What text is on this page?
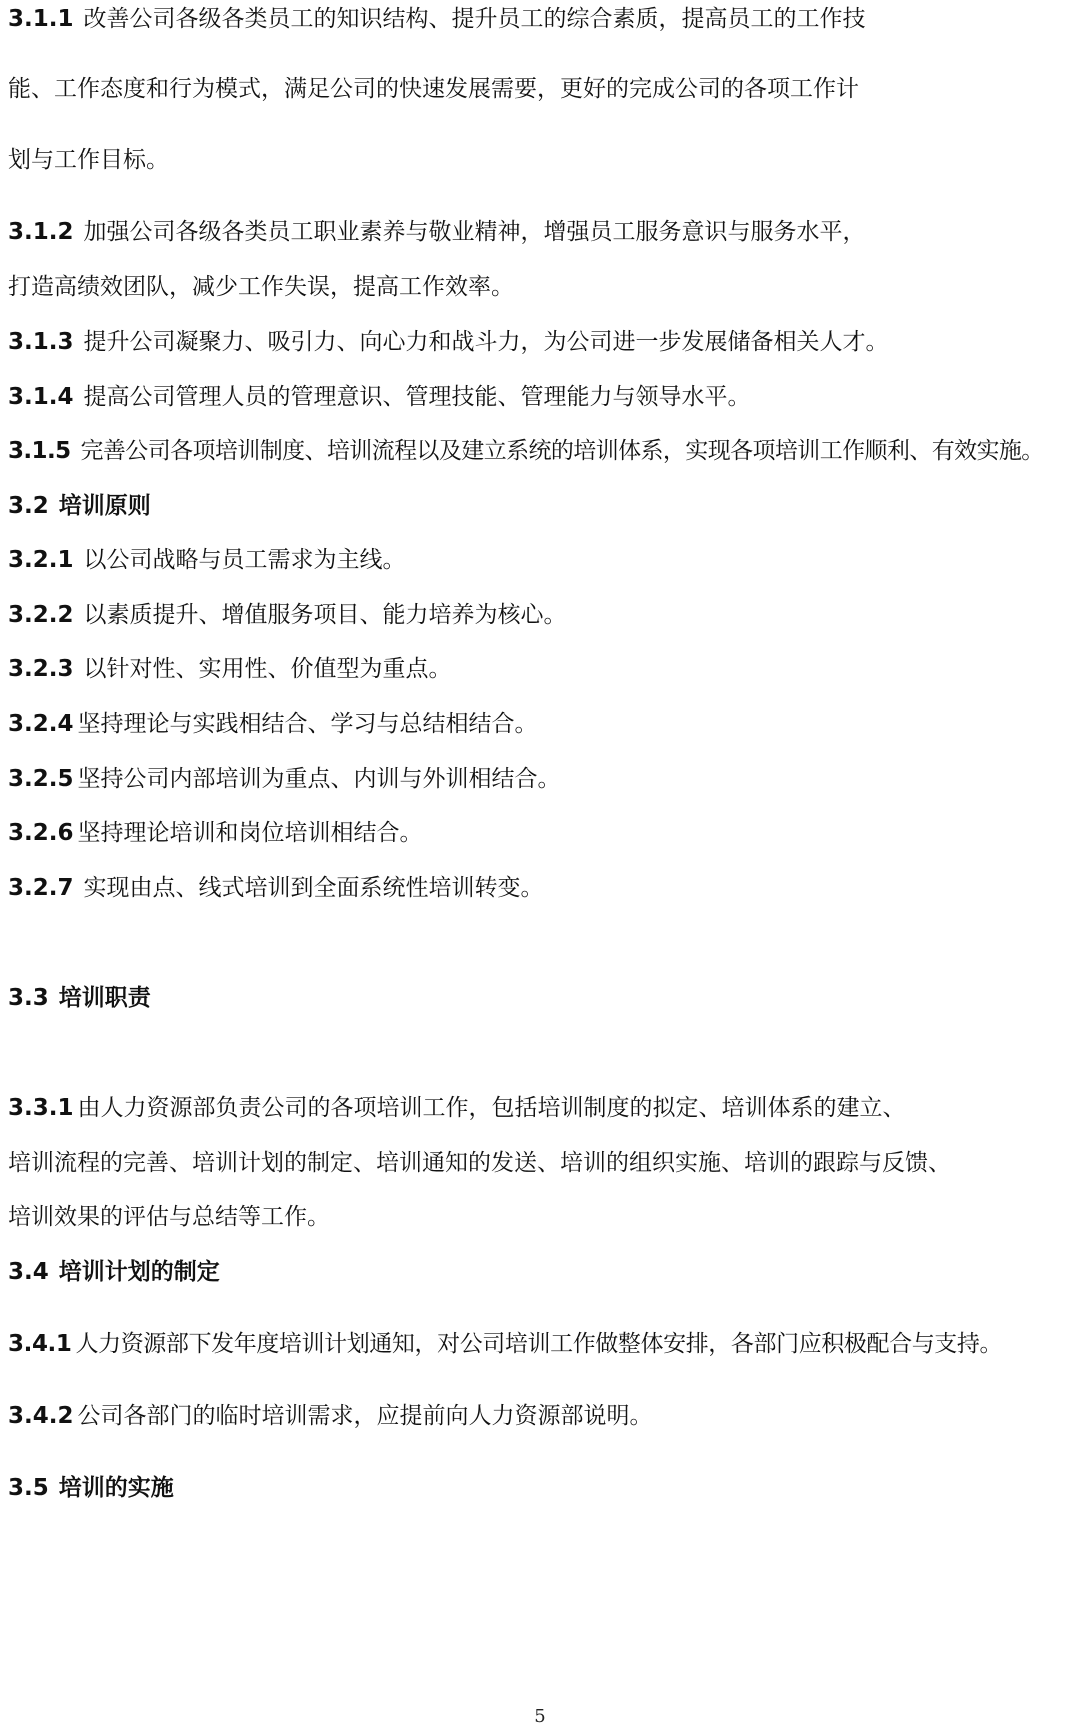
3.1.1 改善公司各级各类员工的知识结构、提升员工的综合素质，提高员工的工作技
能、工作态度和行为模式，满足公司的快速发展需要，更好的完成公司的各项工作计
划与工作目标。
3.1.2 加强公司各级各类员工职业素养与敬业精神，增强员工服务意识与服务水平，
打造高绩效团队，减少工作失误，提高工作效率。
3.1.3 提升公司凝聚力、吸引力、向心力和战斗力，为公司进一步发展储备相关人才。
3.1.4 提高公司管理人员的管理意识、管理技能、管理能力与领导水平。
3.1.5 完善公司各项培训制度、培训流程以及建立系统的培训体系，实现各项培训工作顺利、有效实施。
3.2 培训原则
3.2.1 以公司战略与员工需求为主线。
3.2.2 以素质提升、增值服务项目、能力培养为核心。
3.2.3 以针对性、实用性、价值型为重点。
3.2.4 坚持理论与实践相结合、学习与总结相结合。
3.2.5 坚持公司内部培训为重点、内训与外训相结合。
3.2.6 坚持理论培训和岗位培训相结合。
3.2.7 实现由点、线式培训到全面系统性培训转变。
3.3 培训职责
3.3.1 由人力资源部负责公司的各项培训工作，包括培训制度的拟定、培训体系的建立、
培训流程的完善、培训计划的制定、培训通知的发送、培训的组织实施、培训的跟踪与反馈、
培训效果的评估与总结等工作。
3.4 培训计划的制定
3.4.1 人力资源部下发年度培训计划通知，对公司培训工作做整体安排，各部门应积极配合与支持。
3.4.2 公司各部门的临时培训需求，应提前向人力资源部说明。
3.5 培训的实施
5
